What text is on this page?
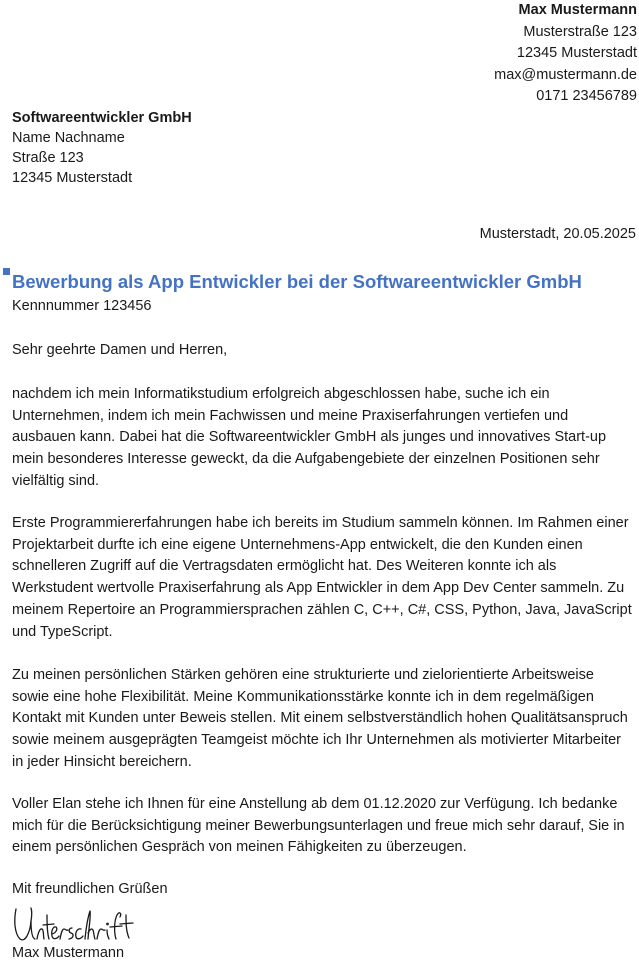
Max Mustermann
Musterstraße 123
12345 Musterstadt
max@mustermann.de
0171 23456789
Softwareentwickler GmbH
Name Nachname
Straße 123
12345 Musterstadt
Musterstadt, 20.05.2025
Bewerbung als App Entwickler bei der Softwareentwickler GmbH
Kennnummer 123456
Sehr geehrte Damen und Herren,

nachdem ich mein Informatikstudium erfolgreich abgeschlossen habe, suche ich ein Unternehmen, indem ich mein Fachwissen und meine Praxiserfahrungen vertiefen und ausbauen kann. Dabei hat die Softwareentwickler GmbH als junges und innovatives Start-up mein besonderes Interesse geweckt, da die Aufgabengebiete der einzelnen Positionen sehr vielfältig sind.

Erste Programmiererfahrungen habe ich bereits im Studium sammeln können. Im Rahmen einer Projektarbeit durfte ich eine eigene Unternehmens-App entwickelt, die den Kunden einen schnelleren Zugriff auf die Vertragsdaten ermöglicht hat. Des Weiteren konnte ich als Werkstudent wertvolle Praxiserfahrung als App Entwickler in dem App Dev Center sammeln. Zu meinem Repertoire an Programmiersprachen zählen C, C++, C#, CSS, Python, Java, JavaScript und TypeScript.

Zu meinen persönlichen Stärken gehören eine strukturierte und zielorientierte Arbeitsweise sowie eine hohe Flexibilität. Meine Kommunikationsstärke konnte ich in dem regelmäßigen Kontakt mit Kunden unter Beweis stellen. Mit einem selbstverständlich hohen Qualitätsanspruch sowie meinem ausgeprägten Teamgeist möchte ich Ihr Unternehmen als motivierter Mitarbeiter in jeder Hinsicht bereichern.

Voller Elan stehe ich Ihnen für eine Anstellung ab dem 01.12.2020 zur Verfügung. Ich bedanke mich für die Berücksichtigung meiner Bewerbungsunterlagen und freue mich sehr darauf, Sie in einem persönlichen Gespräch von meinen Fähigkeiten zu überzeugen.

Mit freundlichen Grüßen
Max Mustermann
